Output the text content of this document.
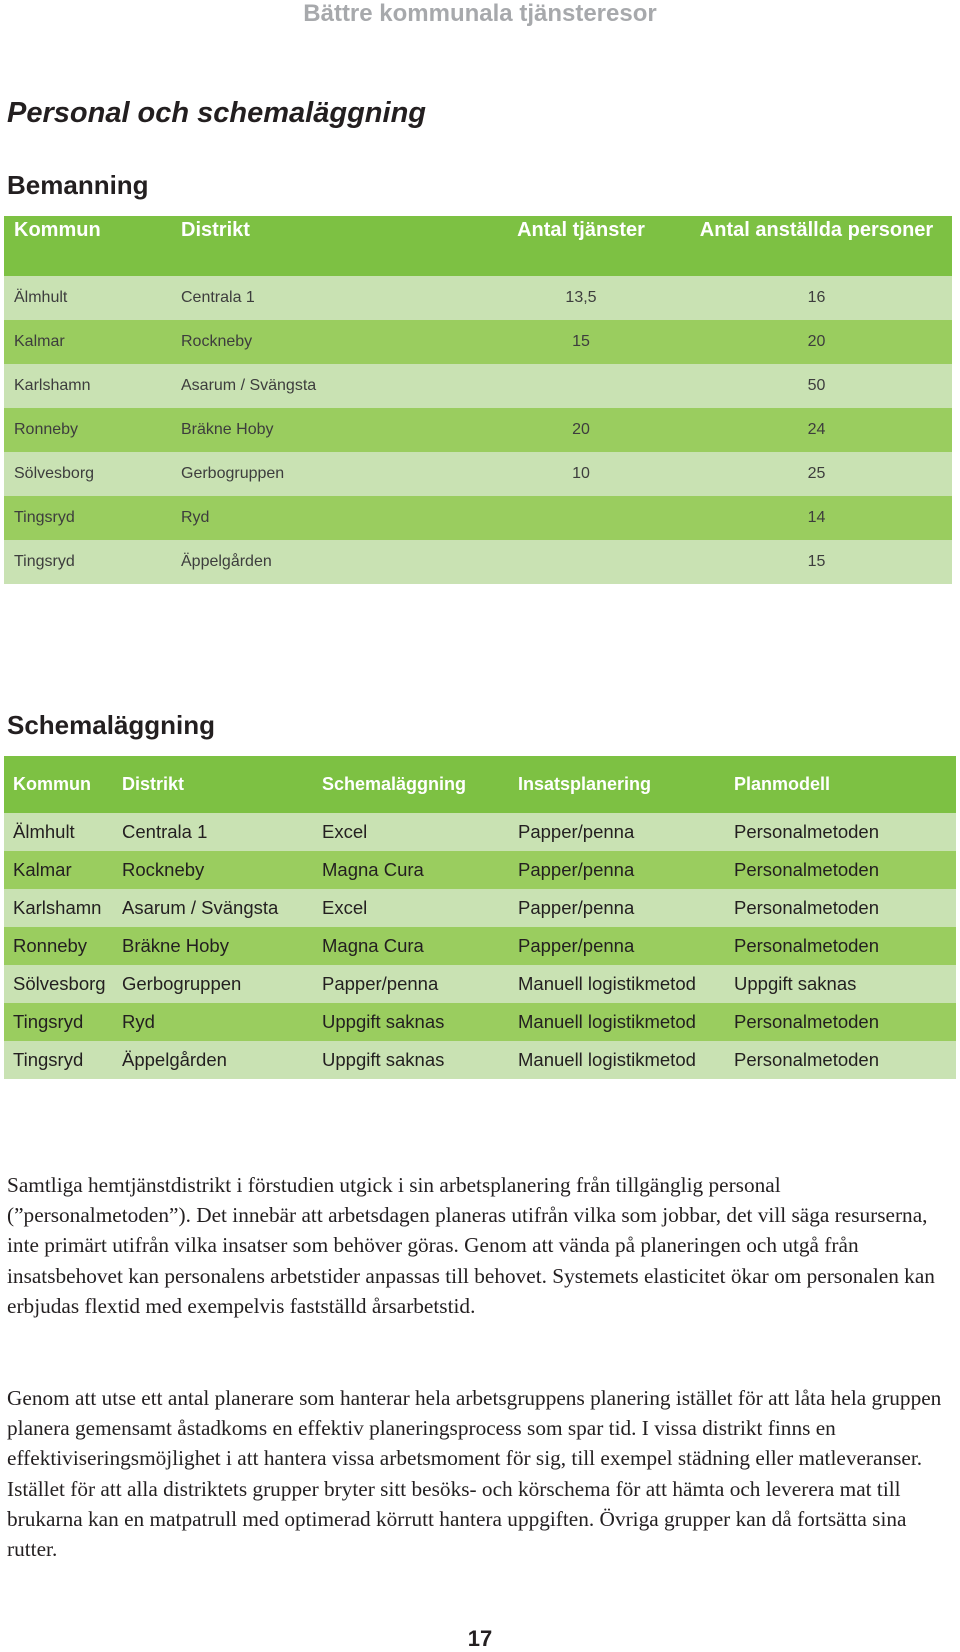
Bättre kommunala tjänsteresor
Personal och schemaläggning
Bemanning
Kommun	Distrikt	Antal tjänster	Antal anställda personer
Älmhult	Centrala 1	13,5	16
Kalmar	Rockneby	15	20
Karlshamn	Asarum / Svängsta		50
Ronneby	Bräkne Hoby	20	24
Sölvesborg	Gerbogruppen	10	25
Tingsryd	Ryd		14
Tingsryd	Äppelgården		15
Schemaläggning
Kommun	Distrikt	Schemaläggning	Insatsplanering	Planmodell
Älmhult	Centrala 1	Excel	Papper/penna	Personalmetoden
Kalmar	Rockneby	Magna Cura	Papper/penna	Personalmetoden
Karlshamn	Asarum / Svängsta	Excel	Papper/penna	Personalmetoden
Ronneby	Bräkne Hoby	Magna Cura	Papper/penna	Personalmetoden
Sölvesborg	Gerbogruppen	Papper/penna	Manuell logistikmetod	Uppgift saknas
Tingsryd	Ryd	Uppgift saknas	Manuell logistikmetod	Personalmetoden
Tingsryd	Äppelgården	Uppgift saknas	Manuell logistikmetod	Personalmetoden

Samtliga hemtjänstdistrikt i förstudien utgick i sin arbetsplanering från tillgänglig personal (”personalmetoden”). Det innebär att arbetsdagen planeras utifrån vilka som jobbar, det vill säga resurserna, inte primärt utifrån vilka insatser som behöver göras. Genom att vända på planeringen och utgå från insatsbehovet kan personalens arbetstider anpassas till behovet. Systemets elasticitet ökar om personalen kan erbjudas flextid med exempelvis fastställd årsarbetstid.

Genom att utse ett antal planerare som hanterar hela arbetsgruppens planering istället för att låta hela gruppen planera gemensamt åstadkoms en effektiv planeringsprocess som spar tid. I vissa distrikt finns en effektiviseringsmöjlighet i att hantera vissa arbetsmoment för sig, till exempel städning eller matleveranser. Istället för att alla distriktets grupper bryter sitt besöks- och körschema för att hämta och leverera mat till brukarna kan en matpatrull med optimerad körrutt hantera uppgiften. Övriga grupper kan då fortsätta sina rutter.

17
